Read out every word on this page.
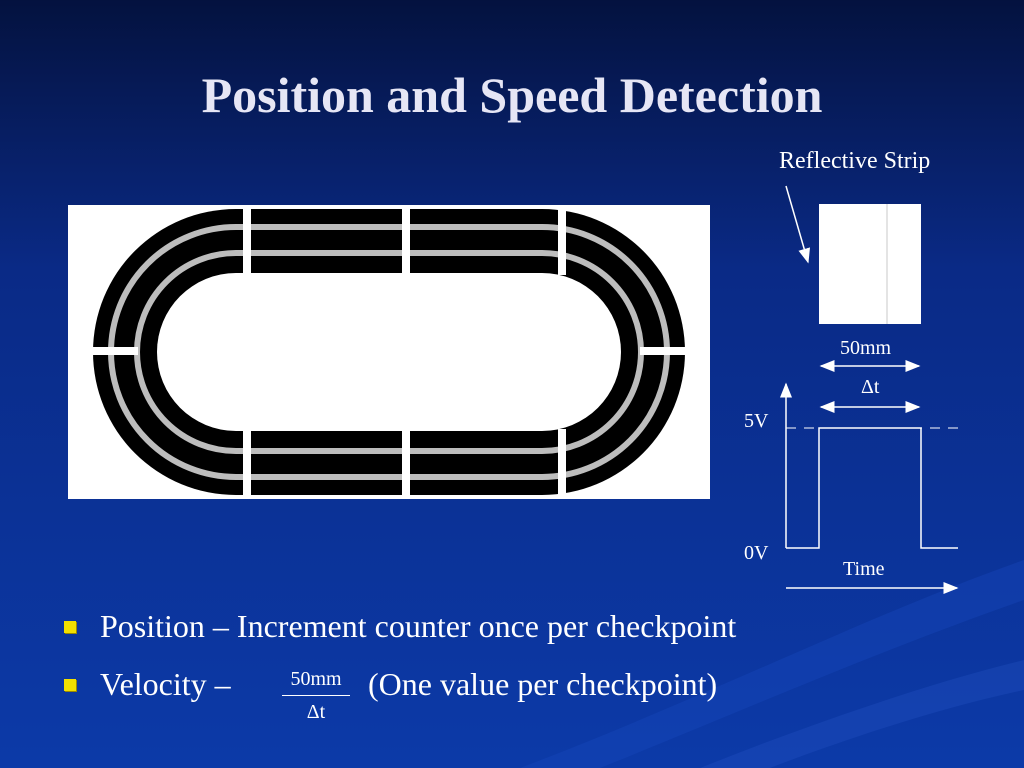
Position and Speed Detection
Reflective Strip
50mm
Δt
5V
0V
Time
Position – Increment counter once per checkpoint
Velocity –	(One value per checkpoint)
50mm
Δt
